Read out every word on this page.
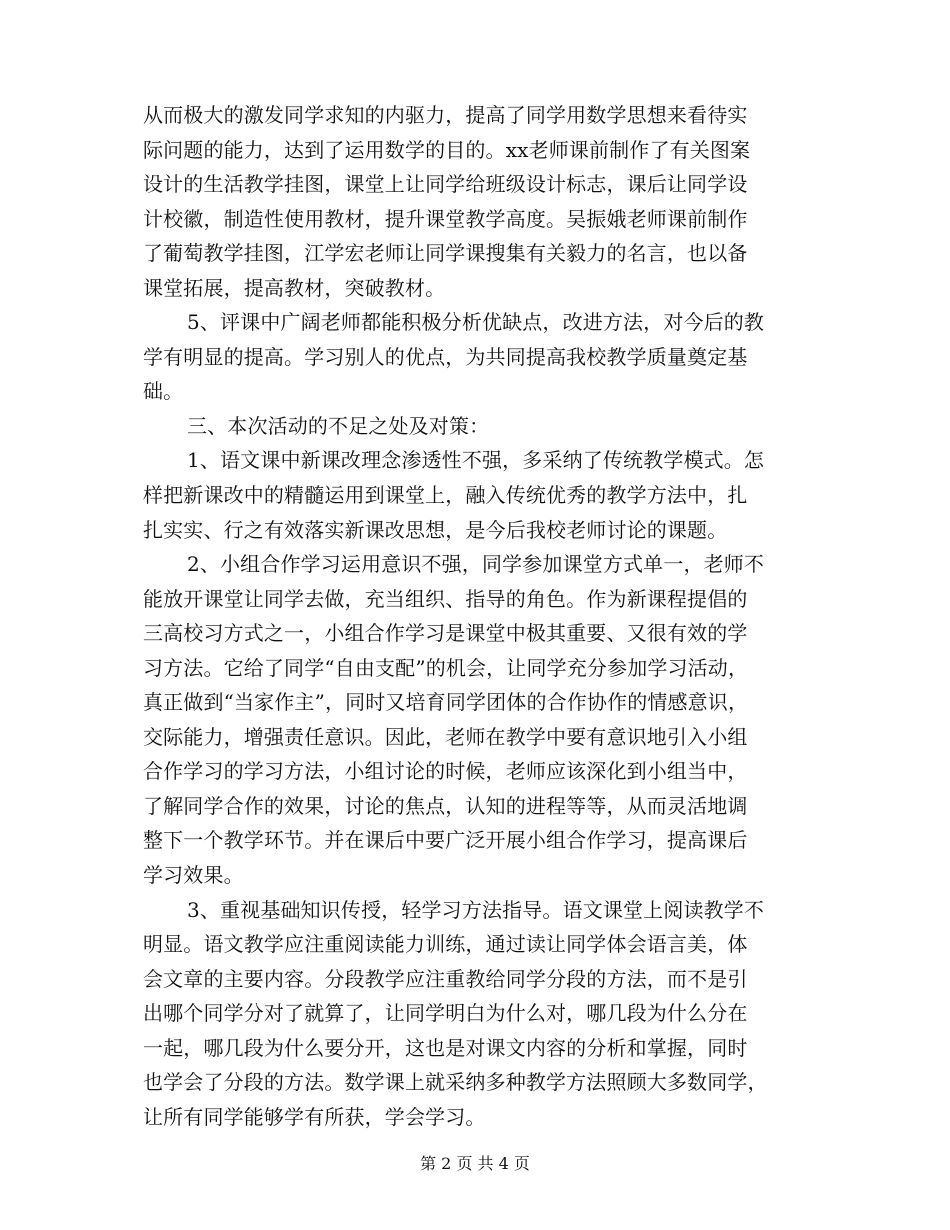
从而极大的激发同学求知的内驱力，提高了同学用数学思想来看待实
际问题的能力，达到了运用数学的目的。xx老师课前制作了有关图案
设计的生活教学挂图，课堂上让同学给班级设计标志，课后让同学设
计校徽，制造性使用教材，提升课堂教学高度。吴振娥老师课前制作
了葡萄教学挂图，江学宏老师让同学课搜集有关毅力的名言，也以备
课堂拓展，提高教材，突破教材。
5、评课中广阔老师都能积极分析优缺点，改进方法，对今后的教
学有明显的提高。学习别人的优点，为共同提高我校教学质量奠定基
础。
三、本次活动的不足之处及对策：
1、语文课中新课改理念渗透性不强，多采纳了传统教学模式。怎
样把新课改中的精髓运用到课堂上，融入传统优秀的教学方法中，扎
扎实实、行之有效落实新课改思想，是今后我校老师讨论的课题。
2、小组合作学习运用意识不强，同学参加课堂方式单一，老师不
能放开课堂让同学去做，充当组织、指导的角色。作为新课程提倡的
三高校习方式之一，小组合作学习是课堂中极其重要、又很有效的学
习方法。它给了同学“自由支配”的机会，让同学充分参加学习活动，
真正做到“当家作主”，同时又培育同学团体的合作协作的情感意识，
交际能力，增强责任意识。因此，老师在教学中要有意识地引入小组
合作学习的学习方法，小组讨论的时候，老师应该深化到小组当中，
了解同学合作的效果，讨论的焦点，认知的进程等等，从而灵活地调
整下一个教学环节。并在课后中要广泛开展小组合作学习，提高课后
学习效果。
3、重视基础知识传授，轻学习方法指导。语文课堂上阅读教学不
明显。语文教学应注重阅读能力训练，通过读让同学体会语言美，体
会文章的主要内容。分段教学应注重教给同学分段的方法，而不是引
出哪个同学分对了就算了，让同学明白为什么对，哪几段为什么分在
一起，哪几段为什么要分开，这也是对课文内容的分析和掌握，同时
也学会了分段的方法。数学课上就采纳多种教学方法照顾大多数同学，
让所有同学能够学有所获，学会学习。
第 2 页 共 4 页
